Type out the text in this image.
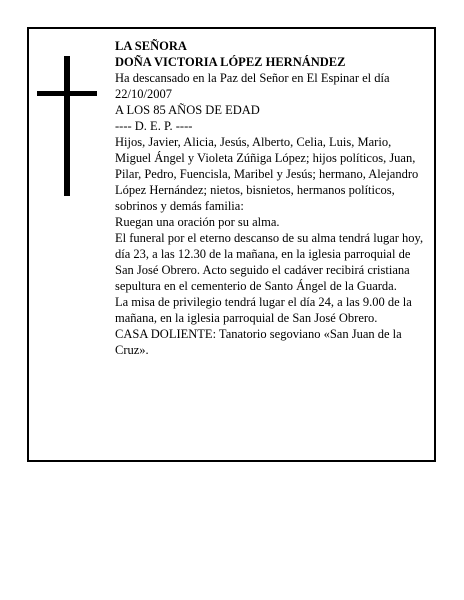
LA SEÑORA

DOÑA VICTORIA LÓPEZ HERNÁNDEZ

Ha descansado en la Paz del Señor en El Espinar el día 22/10/2007

A LOS 85 AÑOS DE EDAD

---- D. E. P. ----

Hijos, Javier, Alicia, Jesús, Alberto, Celia, Luis, Mario, Miguel Ángel y Violeta Zúñiga López; hijos políticos, Juan, Pilar, Pedro, Fuencisla, Maribel y Jesús; hermano, Alejandro López Hernández; nietos, bisnietos, hermanos políticos, sobrinos y demás familia:

Ruegan una oración por su alma.

El funeral por el eterno descanso de su alma tendrá lugar hoy, día 23, a las 12.30 de la mañana, en la iglesia parroquial de San José Obrero. Acto seguido el cadáver recibirá cristiana sepultura en el cementerio de Santo Ángel de la Guarda.

La misa de privilegio tendrá lugar el día 24, a las 9.00 de la mañana, en la iglesia parroquial de San José Obrero.

CASA DOLIENTE: Tanatorio segoviano «San Juan de la Cruz».
